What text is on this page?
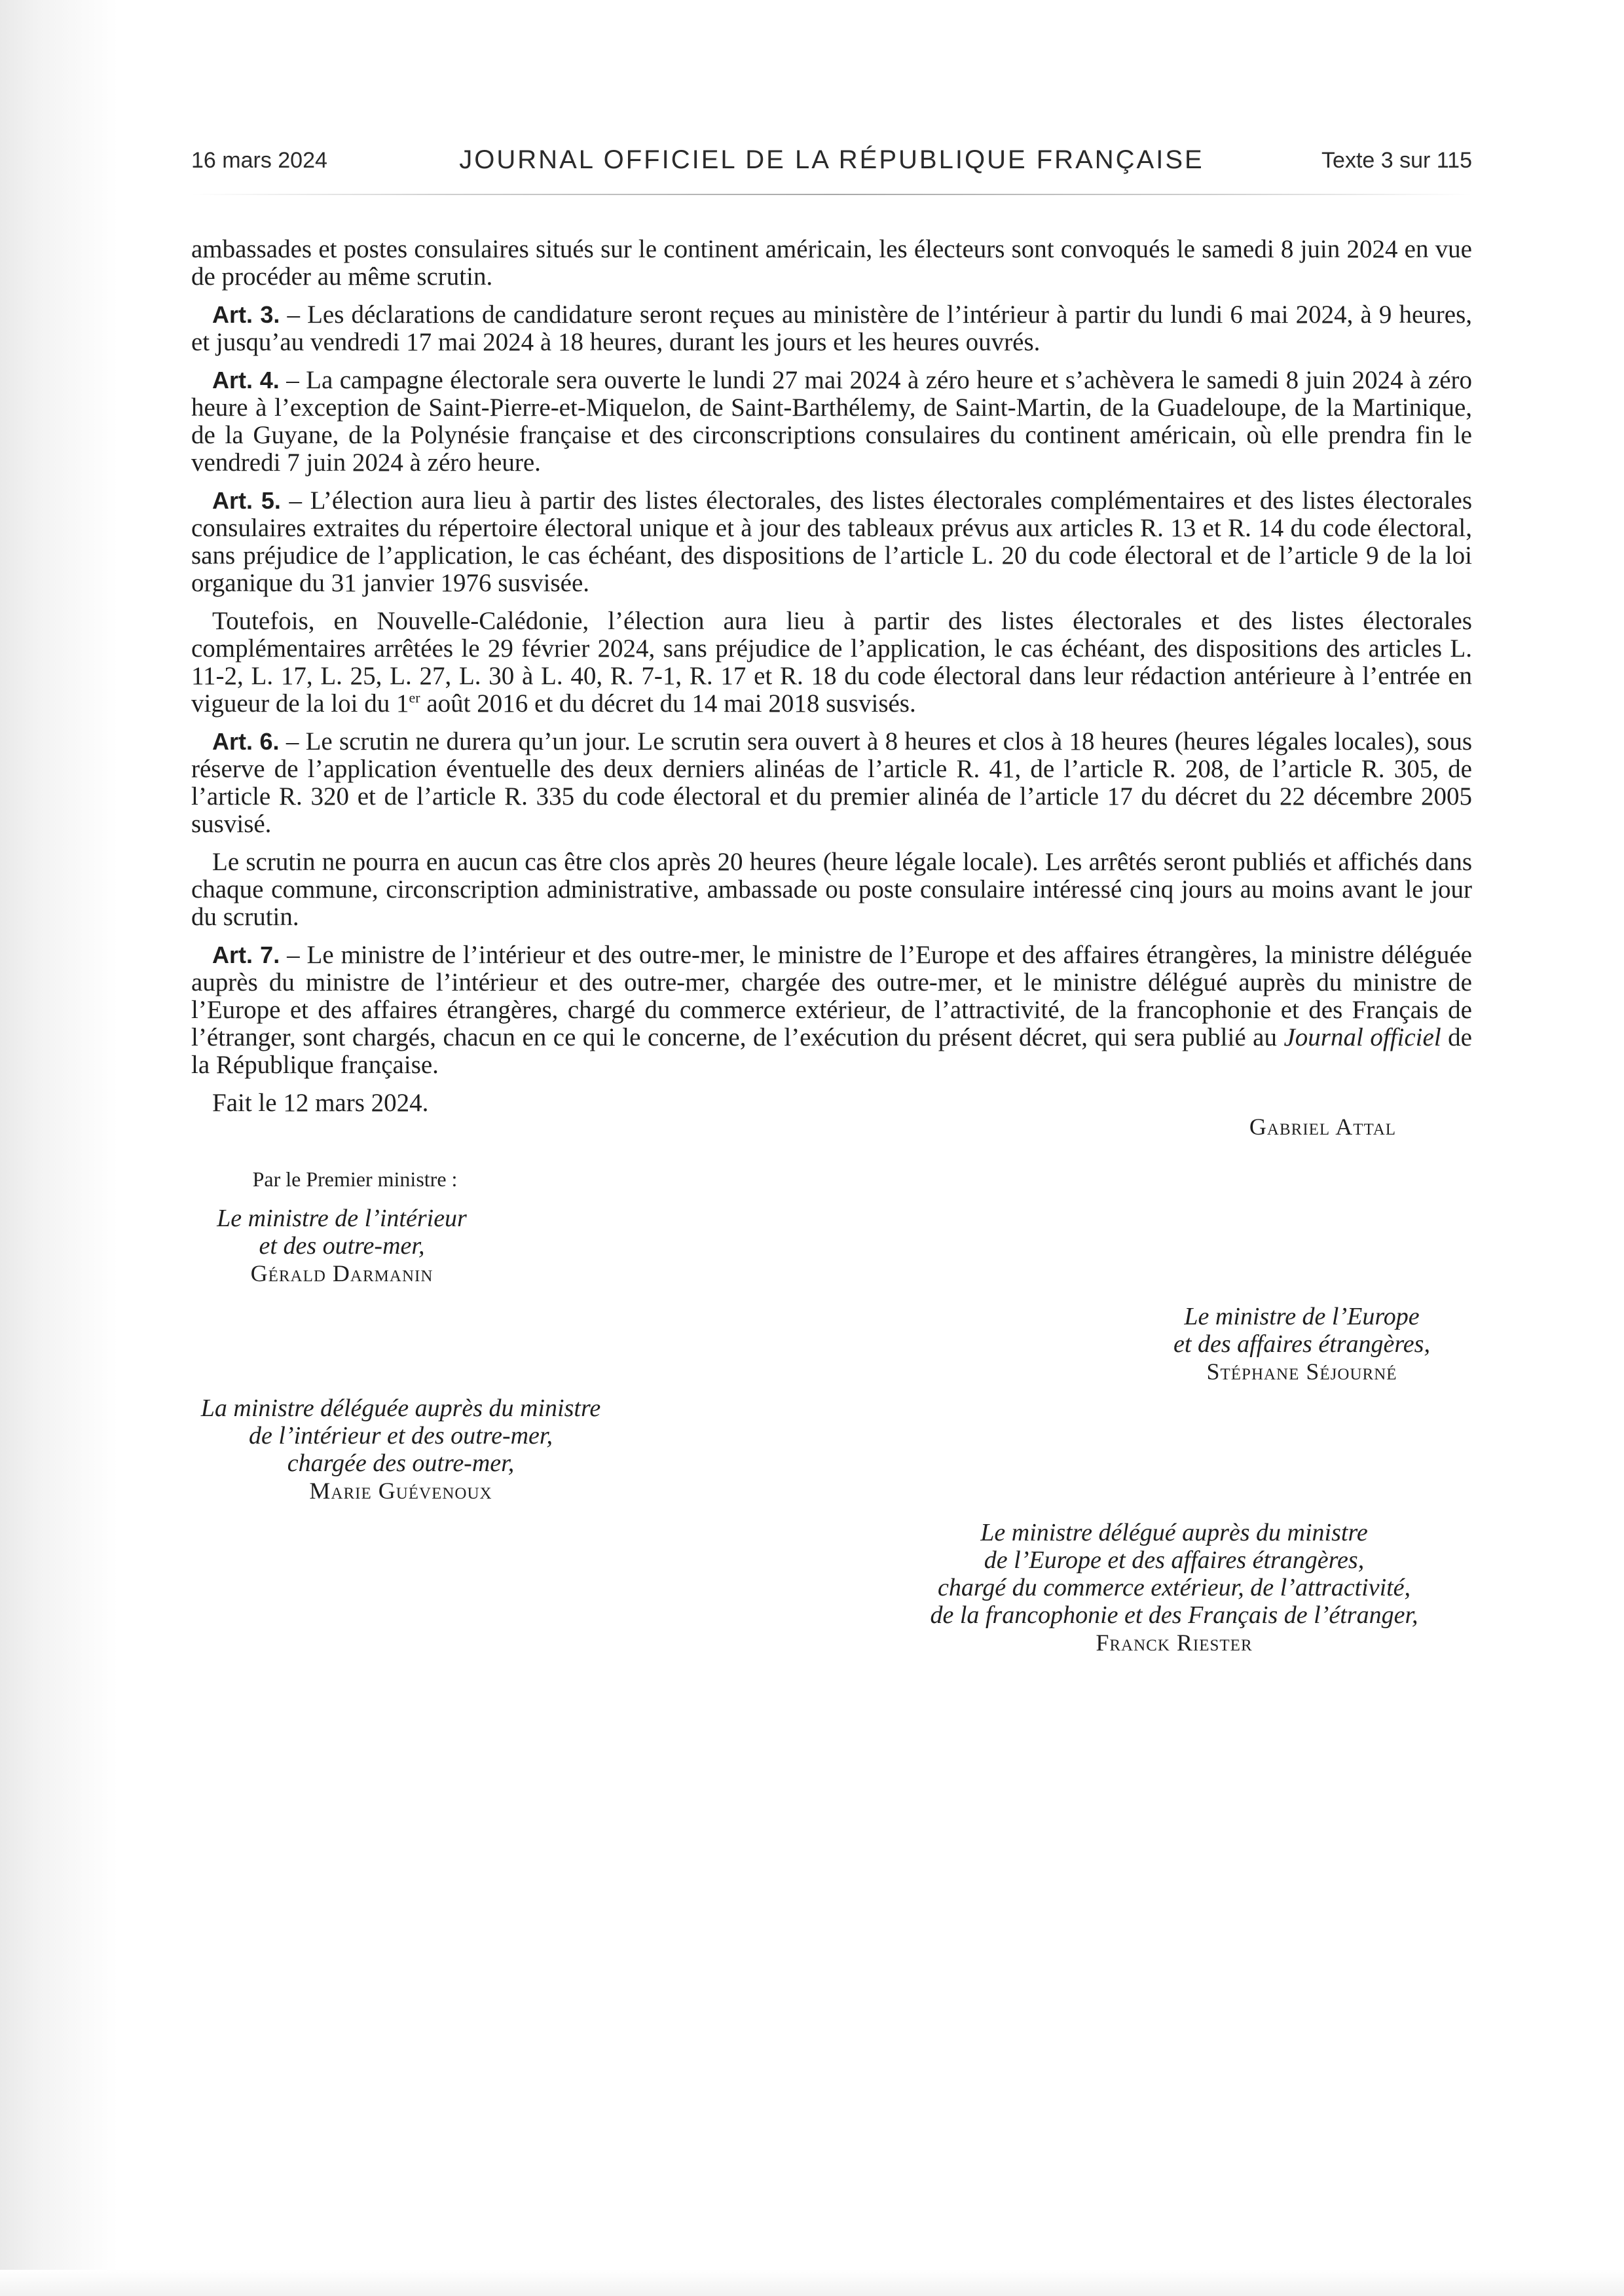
16 mars 2024	JOURNAL OFFICIEL DE LA RÉPUBLIQUE FRANÇAISE	Texte 3 sur 115

ambassades et postes consulaires situés sur le continent américain, les électeurs sont convoqués le samedi 8 juin 2024 en vue de procéder au même scrutin.

Art. 3. – Les déclarations de candidature seront reçues au ministère de l’intérieur à partir du lundi 6 mai 2024, à 9 heures, et jusqu’au vendredi 17 mai 2024 à 18 heures, durant les jours et les heures ouvrés.

Art. 4. – La campagne électorale sera ouverte le lundi 27 mai 2024 à zéro heure et s’achèvera le samedi 8 juin 2024 à zéro heure à l’exception de Saint-Pierre-et-Miquelon, de Saint-Barthélemy, de Saint-Martin, de la Guadeloupe, de la Martinique, de la Guyane, de la Polynésie française et des circonscriptions consulaires du continent américain, où elle prendra fin le vendredi 7 juin 2024 à zéro heure.

Art. 5. – L’élection aura lieu à partir des listes électorales, des listes électorales complémentaires et des listes électorales consulaires extraites du répertoire électoral unique et à jour des tableaux prévus aux articles R. 13 et R. 14 du code électoral, sans préjudice de l’application, le cas échéant, des dispositions de l’article L. 20 du code électoral et de l’article 9 de la loi organique du 31 janvier 1976 susvisée.

Toutefois, en Nouvelle-Calédonie, l’élection aura lieu à partir des listes électorales et des listes électorales complémentaires arrêtées le 29 février 2024, sans préjudice de l’application, le cas échéant, des dispositions des articles L. 11-2, L. 17, L. 25, L. 27, L. 30 à L. 40, R. 7-1, R. 17 et R. 18 du code électoral dans leur rédaction antérieure à l’entrée en vigueur de la loi du 1er août 2016 et du décret du 14 mai 2018 susvisés.

Art. 6. – Le scrutin ne durera qu’un jour. Le scrutin sera ouvert à 8 heures et clos à 18 heures (heures légales locales), sous réserve de l’application éventuelle des deux derniers alinéas de l’article R. 41, de l’article R. 208, de l’article R. 305, de l’article R. 320 et de l’article R. 335 du code électoral et du premier alinéa de l’article 17 du décret du 22 décembre 2005 susvisé.

Le scrutin ne pourra en aucun cas être clos après 20 heures (heure légale locale). Les arrêtés seront publiés et affichés dans chaque commune, circonscription administrative, ambassade ou poste consulaire intéressé cinq jours au moins avant le jour du scrutin.

Art. 7. – Le ministre de l’intérieur et des outre-mer, le ministre de l’Europe et des affaires étrangères, la ministre déléguée auprès du ministre de l’intérieur et des outre-mer, chargée des outre-mer, et le ministre délégué auprès du ministre de l’Europe et des affaires étrangères, chargé du commerce extérieur, de l’attractivité, de la francophonie et des Français de l’étranger, sont chargés, chacun en ce qui le concerne, de l’exécution du présent décret, qui sera publié au Journal officiel de la République française.

Fait le 12 mars 2024.

Gabriel Attal
Par le Premier ministre :
Le ministre de l’intérieur
et des outre-mer,
Gérald Darmanin
Le ministre de l’Europe
et des affaires étrangères,
Stéphane Séjourné
La ministre déléguée auprès du ministre
de l’intérieur et des outre-mer,
chargée des outre-mer,
Marie Guévenoux
Le ministre délégué auprès du ministre
de l’Europe et des affaires étrangères,
chargé du commerce extérieur, de l’attractivité,
de la francophonie et des Français de l’étranger,
Franck Riester
